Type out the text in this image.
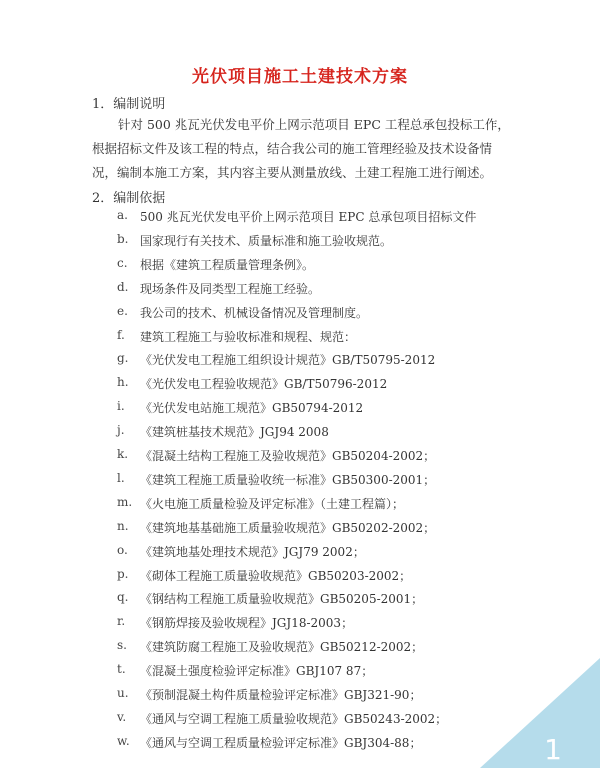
光伏项目施工土建技术方案
1．编制说明
针对 500 兆瓦光伏发电平价上网示范项目 EPC 工程总承包投标工作，根据招标文件及该工程的特点，结合我公司的施工管理经验及技术设备情况，编制本施工方案，其内容主要从测量放线、土建工程施工进行阐述。
2．编制依据
a.	500 兆瓦光伏发电平价上网示范项目 EPC 总承包项目招标文件
b. 国家现行有关技术、质量标准和施工验收规范。
c.	根据《建筑工程质量管理条例》。
d. 现场条件及同类型工程施工经验。
e.	我公司的技术、机械设备情况及管理制度。
f.	建筑工程施工与验收标准和规程、规范：
g. 《光伏发电工程施工组织设计规范》GB/T50795-2012
h. 《光伏发电工程验收规范》GB/T50796-2012
i.	《光伏发电站施工规范》GB50794-2012
j.	《建筑桩基技术规范》JGJ94 2008
k. 《混凝土结构工程施工及验收规范》GB50204-2002；
l.	《建筑工程施工质量验收统一标准》GB50300-2001；
m. 《火电施工质量检验及评定标准》（土建工程篇）；
n. 《建筑地基基础施工质量验收规范》GB50202-2002；
o.	《建筑地基处理技术规范》JGJ79 2002；
p. 《砌体工程施工质量验收规范》GB50203-2002；
q. 《钢结构工程施工质量验收规范》GB50205-2001；
r.	《钢筋焊接及验收规程》JGJ18-2003；
s.	《建筑防腐工程施工及验收规范》GB50212-2002；
t.	《混凝土强度检验评定标准》GBJ107 87；
u. 《预制混凝土构件质量检验评定标准》GBJ321-90；
v.	《通风与空调工程施工质量验收规范》GB50243-2002；
w. 《通风与空调工程质量检验评定标准》GBJ304-88；	1
